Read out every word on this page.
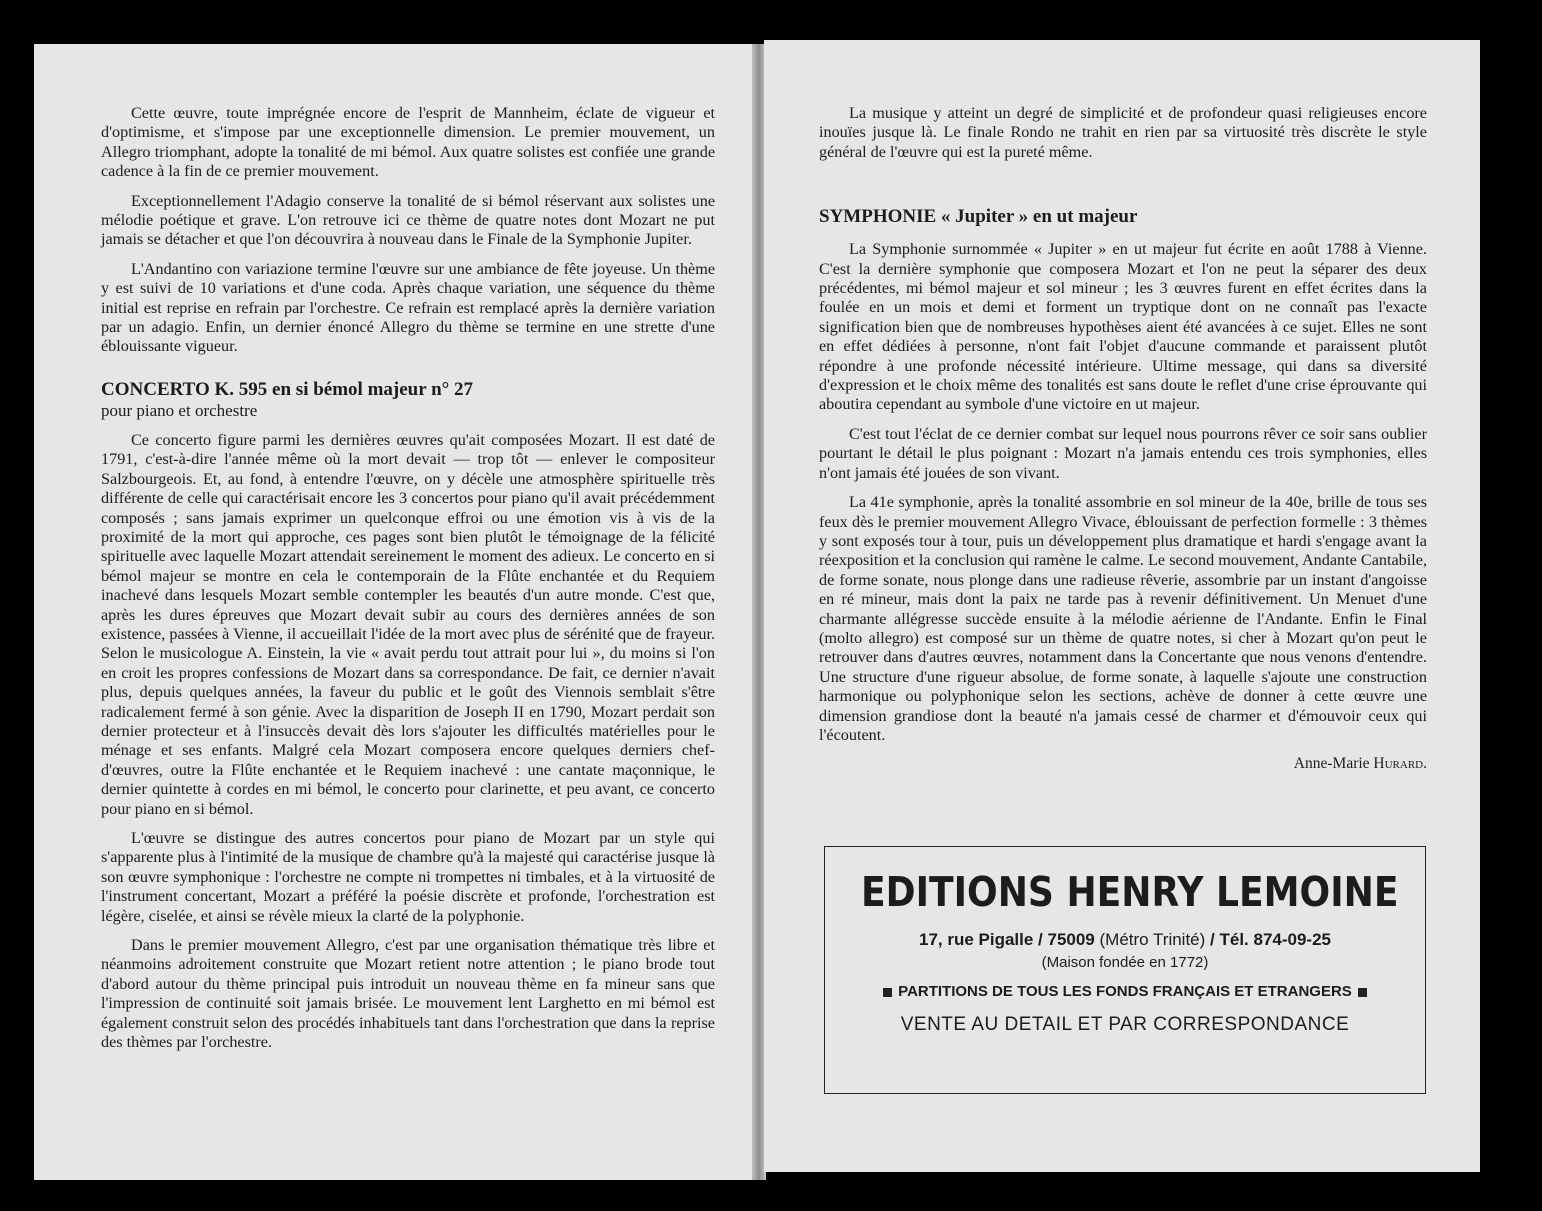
Cette œuvre, toute imprégnée encore de l'esprit de Mannheim, éclate de vigueur et d'optimisme, et s'impose par une exceptionnelle dimension. Le premier mouvement, un Allegro triomphant, adopte la tonalité de mi bémol. Aux quatre solistes est confiée une grande cadence à la fin de ce premier mouvement.

Exceptionnellement l'Adagio conserve la tonalité de si bémol réservant aux solistes une mélodie poétique et grave. L'on retrouve ici ce thème de quatre notes dont Mozart ne put jamais se détacher et que l'on découvrira à nouveau dans le Finale de la Symphonie Jupiter.

L'Andantino con variazione termine l'œuvre sur une ambiance de fête joyeuse. Un thème y est suivi de 10 variations et d'une coda. Après chaque variation, une séquence du thème initial est reprise en refrain par l'orchestre. Ce refrain est remplacé après la dernière variation par un adagio. Enfin, un dernier énoncé Allegro du thème se termine en une strette d'une éblouissante vigueur.

CONCERTO K. 595 en si bémol majeur n° 27
pour piano et orchestre

Ce concerto figure parmi les dernières œuvres qu'ait composées Mozart. Il est daté de 1791, c'est-à-dire l'année même où la mort devait — trop tôt — enlever le compositeur Salzbourgeois. Et, au fond, à entendre l'œuvre, on y décèle une atmosphère spirituelle très différente de celle qui caractérisait encore les 3 concertos pour piano qu'il avait précédemment composés ; sans jamais exprimer un quelconque effroi ou une émotion vis à vis de la proximité de la mort qui approche, ces pages sont bien plutôt le témoignage de la félicité spirituelle avec laquelle Mozart attendait sereinement le moment des adieux. Le concerto en si bémol majeur se montre en cela le contemporain de la Flûte enchantée et du Requiem inachevé dans lesquels Mozart semble contempler les beautés d'un autre monde. C'est que, après les dures épreuves que Mozart devait subir au cours des dernières années de son existence, passées à Vienne, il accueillait l'idée de la mort avec plus de sérénité que de frayeur. Selon le musicologue A. Einstein, la vie « avait perdu tout attrait pour lui », du moins si l'on en croit les propres confessions de Mozart dans sa correspondance. De fait, ce dernier n'avait plus, depuis quelques années, la faveur du public et le goût des Viennois semblait s'être radicalement fermé à son génie. Avec la disparition de Joseph II en 1790, Mozart perdait son dernier protecteur et à l'insuccès devait dès lors s'ajouter les difficultés matérielles pour le ménage et ses enfants. Malgré cela Mozart composera encore quelques derniers chef-d'œuvres, outre la Flûte enchantée et le Requiem inachevé : une cantate maçonnique, le dernier quintette à cordes en mi bémol, le concerto pour clarinette, et peu avant, ce concerto pour piano en si bémol.

L'œuvre se distingue des autres concertos pour piano de Mozart par un style qui s'apparente plus à l'intimité de la musique de chambre qu'à la majesté qui caractérise jusque là son œuvre symphonique : l'orchestre ne compte ni trompettes ni timbales, et à la virtuosité de l'instrument concertant, Mozart a préféré la poésie discrète et profonde, l'orchestration est légère, ciselée, et ainsi se révèle mieux la clarté de la polyphonie.

Dans le premier mouvement Allegro, c'est par une organisation thématique très libre et néanmoins adroitement construite que Mozart retient notre attention ; le piano brode tout d'abord autour du thème principal puis introduit un nouveau thème en fa mineur sans que l'impression de continuité soit jamais brisée. Le mouvement lent Larghetto en mi bémol est également construit selon des procédés inhabituels tant dans l'orchestration que dans la reprise des thèmes par l'orchestre.

La musique y atteint un degré de simplicité et de profondeur quasi religieuses encore inouïes jusque là. Le finale Rondo ne trahit en rien par sa virtuosité très discrète le style général de l'œuvre qui est la pureté même.

SYMPHONIE « Jupiter » en ut majeur

La Symphonie surnommée « Jupiter » en ut majeur fut écrite en août 1788 à Vienne. C'est la dernière symphonie que composera Mozart et l'on ne peut la séparer des deux précédentes, mi bémol majeur et sol mineur ; les 3 œuvres furent en effet écrites dans la foulée en un mois et demi et forment un tryptique dont on ne connaît pas l'exacte signification bien que de nombreuses hypothèses aient été avancées à ce sujet. Elles ne sont en effet dédiées à personne, n'ont fait l'objet d'aucune commande et paraissent plutôt répondre à une profonde nécessité intérieure. Ultime message, qui dans sa diversité d'expression et le choix même des tonalités est sans doute le reflet d'une crise éprouvante qui aboutira cependant au symbole d'une victoire en ut majeur.

C'est tout l'éclat de ce dernier combat sur lequel nous pourrons rêver ce soir sans oublier pourtant le détail le plus poignant : Mozart n'a jamais entendu ces trois symphonies, elles n'ont jamais été jouées de son vivant.

La 41e symphonie, après la tonalité assombrie en sol mineur de la 40e, brille de tous ses feux dès le premier mouvement Allegro Vivace, éblouissant de perfection formelle : 3 thèmes y sont exposés tour à tour, puis un développement plus dramatique et hardi s'engage avant la réexposition et la conclusion qui ramène le calme. Le second mouvement, Andante Cantabile, de forme sonate, nous plonge dans une radieuse rêverie, assombrie par un instant d'angoisse en ré mineur, mais dont la paix ne tarde pas à revenir définitivement. Un Menuet d'une charmante allégresse succède ensuite à la mélodie aérienne de l'Andante. Enfin le Final (molto allegro) est composé sur un thème de quatre notes, si cher à Mozart qu'on peut le retrouver dans d'autres œuvres, notamment dans la Concertante que nous venons d'entendre. Une structure d'une rigueur absolue, de forme sonate, à laquelle s'ajoute une construction harmonique ou polyphonique selon les sections, achève de donner à cette œuvre une dimension grandiose dont la beauté n'a jamais cessé de charmer et d'émouvoir ceux qui l'écoutent.

Anne-Marie Hurard.
EDITIONS HENRY LEMOINE
17, rue Pigalle / 75009 (Métro Trinité) / Tél. 874-09-25
(Maison fondée en 1772)
PARTITIONS DE TOUS LES FONDS FRANÇAIS ET ETRANGERS
VENTE AU DETAIL ET PAR CORRESPONDANCE
